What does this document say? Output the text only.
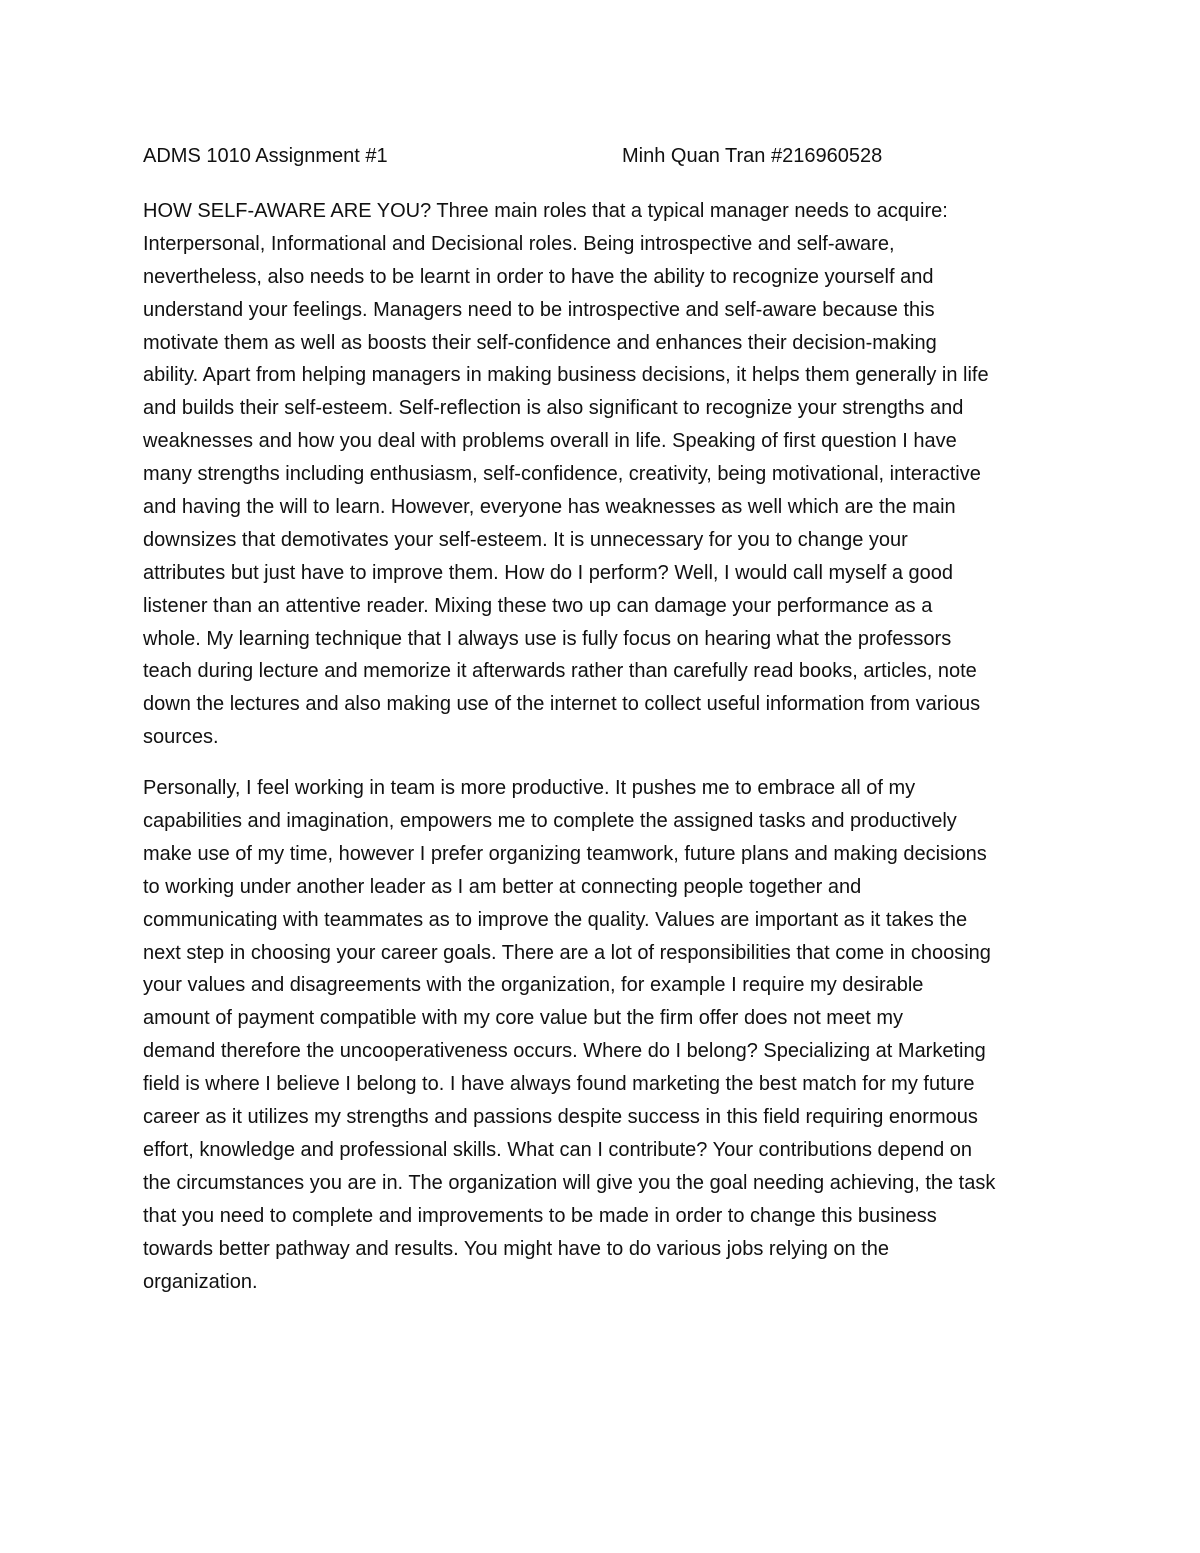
ADMS 1010 Assignment #1	Minh Quan Tran #216960528

HOW SELF-AWARE ARE YOU? Three main roles that a typical manager needs to acquire:
Interpersonal, Informational and Decisional roles. Being introspective and self-aware,
nevertheless, also needs to be learnt in order to have the ability to recognize yourself and
understand your feelings. Managers need to be introspective and self-aware because this
motivate them as well as boosts their self-confidence and enhances their decision-making
ability. Apart from helping managers in making business decisions, it helps them generally in life
and builds their self-esteem. Self-reflection is also significant to recognize your strengths and
weaknesses and how you deal with problems overall in life. Speaking of first question I have
many strengths including enthusiasm, self-confidence, creativity, being motivational, interactive
and having the will to learn. However, everyone has weaknesses as well which are the main
downsizes that demotivates your self-esteem. It is unnecessary for you to change your
attributes but just have to improve them. How do I perform? Well, I would call myself a good
listener than an attentive reader. Mixing these two up can damage your performance as a
whole. My learning technique that I always use is fully focus on hearing what the professors
teach during lecture and memorize it afterwards rather than carefully read books, articles, note
down the lectures and also making use of the internet to collect useful information from various
sources.

Personally, I feel working in team is more productive. It pushes me to embrace all of my
capabilities and imagination, empowers me to complete the assigned tasks and productively
make use of my time, however I prefer organizing teamwork, future plans and making decisions
to working under another leader as I am better at connecting people together and
communicating with teammates as to improve the quality. Values are important as it takes the
next step in choosing your career goals. There are a lot of responsibilities that come in choosing
your values and disagreements with the organization, for example I require my desirable
amount of payment compatible with my core value but the firm offer does not meet my
demand therefore the uncooperativeness occurs. Where do I belong? Specializing at Marketing
field is where I believe I belong to. I have always found marketing the best match for my future
career as it utilizes my strengths and passions despite success in this field requiring enormous
effort, knowledge and professional skills. What can I contribute? Your contributions depend on
the circumstances you are in. The organization will give you the goal needing achieving, the task
that you need to complete and improvements to be made in order to change this business
towards better pathway and results. You might have to do various jobs relying on the
organization.
